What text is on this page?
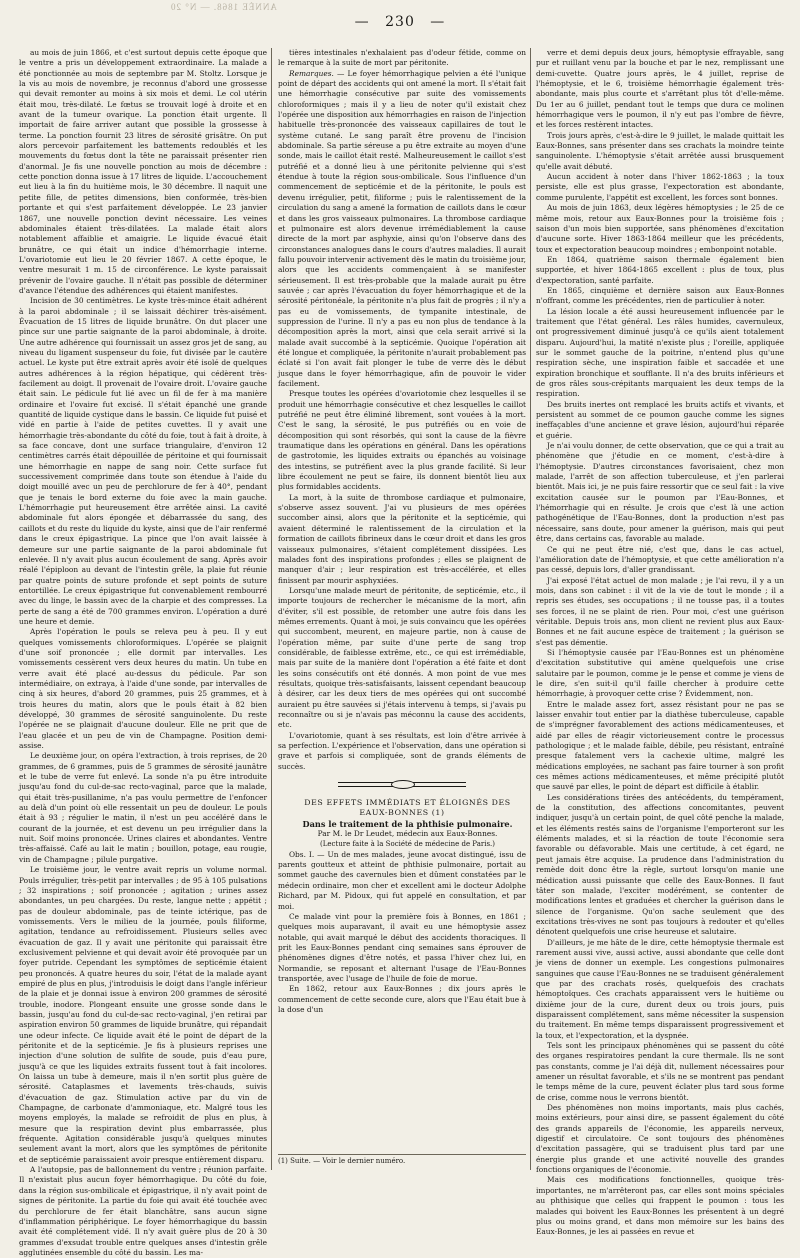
ANNÉE 1868. — N° 20
— 230 —

au mois de juin 1866, et c'est surtout depuis cette époque que le ventre a pris un développement extraordinaire. La malade a été ponctionnée au mois de septembre par M. Stoltz. Lorsque je la vis au mois de novembre, je reconnus d'abord une grossesse qui devait remonter au moins à six mois et demi. Le col utérin était mou, très-dilaté. Le fœtus se trouvait logé à droite et en avant de la tumeur ovarique. La ponction était urgente. Il importait de faire arriver autant que possible la grossesse à terme. La ponction fournit 23 litres de sérosité grisâtre. On put alors percevoir parfaitement les battements redoublés et les mouvements du fœtus dont la tête ne paraissait présenter rien d'anormal. Je fis une nouvelle ponction au mois de décembre : cette ponction donna issue à 17 litres de liquide. L'accouchement eut lieu à la fin du huitième mois, le 30 décembre. Il naquit une petite fille, de petites dimensions, bien conformée, très-bien portante et qui s'est parfaitement développée. Le 23 janvier 1867, une nouvelle ponction devint nécessaire. Les veines abdominales étaient très-dilatées. La malade était alors notablement affaiblie et amaigrie. Le liquide évacué était brunâtre, ce qui était un indice d'hémorrhagie interne. L'ovariotomie eut lieu le 20 février 1867. A cette époque, le ventre mesurait 1 m. 15 de circonférence. Le kyste paraissait prévenir de l'ovaire gauche. Il n'était pas possible de déterminer d'avance l'étendue des adhérences qui étaient manifestes.

Incision de 30 centimètres. Le kyste très-mince était adhérent à la paroi abdominale ; il se laissait déchirer très-aisément. Évacuation de 15 litres de liquide brunâtre. On dut placer une pince sur une partie saignante de la paroi abdominale, à droite. Une autre adhérence qui fournissait un assez gros jet de sang, au niveau du ligament suspenseur du foie, fut divisée par le cautère actuel. Le kyste put être extrait après avoir été isolé de quelques autres adhérences à la région hépatique, qui cédèrent très-facilement au doigt. Il provenait de l'ovaire droit. L'ovaire gauche était sain. Le pédicule fut lié avec un fil de fer à ma manière ordinaire et l'ovaire fut excisé. Il s'était épanché une grande quantité de liquide cystique dans le bassin. Ce liquide fut puisé et vidé en partie à l'aide de petites cuvettes. Il y avait une hémorrhagie très-abondante du côté du foie, tout à fait à droite, à sa face concave, dont une surface triangulaire, d'environ 12 centimètres carrés était dépouillée de péritoine et qui fournissait une hémorrhagie en nappe de sang noir. Cette surface fut successivement comprimée dans toute son étendue à l'aide du doigt mouillé avec un peu de perchlorure de fer à 40°, pendant que je tenais le bord externe du foie avec la main gauche. L'hémorrhagie put heureusement être arrêtée ainsi. La cavité abdominale fut alors épongée et débarrassée du sang, des caillots et du reste du liquide du kyste, ainsi que de l'air renfermé dans le creux épigastrique. La pince que l'on avait laissée à demeure sur une partie saignante de la paroi abdominale fut enlevée. Il n'y avait plus aucun écoulement de sang. Après avoir réalé l'épiploon au devant de l'intestin grêle, la plaie fut réunie par quatre points de suture profonde et sept points de suture entortillée. Le creux épigastrique fut convenablement rembourré avec du linge, le bassin avec de la charpie et des compresses. La perte de sang a été de 700 grammes environ. L'opération a duré une heure et demie.

Après l'opération le pouls se releva peu à peu. Il y eut quelques vomissements chloroformiques. L'opérée se plaignit d'une soif prononcée ; elle dormit par intervalles. Les vomissements cessèrent vers deux heures du matin. Un tube en verre avait été placé au-dessus du pédicule. Par son intermédiaire, on extraya, à l'aide d'une sonde, par intervalles de cinq à six heures, d'abord 20 grammes, puis 25 grammes, et à trois heures du matin, alors que le pouls était à 82 bien développé, 30 grammes de sérosité sanguinolente. Du reste l'opérée ne se plaignait d'aucune douleur. Elle ne prit que de l'eau glacée et un peu de vin de Champagne. Position demi-assise.

Le deuxième jour, on opéra l'extraction, à trois reprises, de 20 grammes, de 6 grammes, puis de 5 grammes de sérosité jaunâtre et le tube de verre fut enlevé. La sonde n'a pu être introduite jusqu'au fond du cul-de-sac recto-vaginal, parce que la malade, qui était très-pusillanime, n'a pas voulu permettre de l'enfoncer au delà d'un point où elle ressentait un peu de douleur. Le pouls était à 93 ; régulier le matin, il n'est un peu accéléré dans le courant de la journée, et est devenu un peu irrégulier dans la nuit. Soif moins prononcée. Urines claires et abondantes. Ventre très-affaissé. Café au lait le matin ; bouillon, potage, eau rougie, vin de Champagne ; pilule purgative.

Le troisième jour, le ventre avait repris un volume normal. Pouls irrégulier, très-petit par intervalles ; de 95 à 105 pulsations ; 32 inspirations ; soif prononcée ; agitation ; urines assez abondantes, un peu chargées. Du reste, langue nette ; appétit ; pas de douleur abdominale, pas de teinte ictérique, pas de vomissements. Vers le milieu de la journée, pouls filiforme, agitation, tendance au refroidissement. Plusieurs selles avec évacuation de gaz. Il y avait une péritonite qui paraissait être exclusivement pelvienne et qui devait avoir été provoquée par un foyer putride. Cependant les symptômes de septicémie étaient peu prononcés. A quatre heures du soir, l'état de la malade ayant empiré de plus en plus, j'introduisis le doigt dans l'angle inférieur de la plaie et je donnai issue à environ 200 grammes de sérosité trouble, inodore. Plongeant ensuite une grosse sonde dans le bassin, jusqu'au fond du cul-de-sac recto-vaginal, j'en retirai par aspiration environ 50 grammes de liquide brunâtre, qui répandait une odeur infecte. Ce liquide avait été le point de départ de la péritonite et de la septicémie. Je fis à plusieurs reprises une injection d'une solution de sulfite de soude, puis d'eau pure, jusqu'à ce que les liquides extraits fussent tout à fait incolores. On laissa un tube à demeure, mais il n'en sortit plus guère de sérosité. Cataplasmes et lavements très-chauds, suivis d'évacuation de gaz. Stimulation active par du vin de Champagne, de carbonate d'ammoniaque, etc. Malgré tous les moyens employés, la malade se refroidit de plus en plus, à mesure que la respiration devint plus embarrassée, plus fréquente. Agitation considérable jusqu'à quelques minutes seulement avant la mort, alors que les symptômes de péritonite et de septicémie paraissaient avoir presque entièrement disparu.

A l'autopsie, pas de ballonnement du ventre ; réunion parfaite. Il n'existait plus aucun foyer hémorrhagique. Du côté du foie, dans la région sus-ombilicale et épigastrique, il n'y avait point de signes de péritonite. La partie du foie qui avait été touchée avec du perchlorure de fer était blanchâtre, sans aucun signe d'inflammation périphérique. Le foyer hémorrhagique du bassin avait été complétement vidé. Il n'y avait guère plus de 20 à 30 grammes d'exsudat trouble entre quelques anses d'intestin grêle agglutinées ensemble du côté du bassin. Les ma-

tières intestinales n'exhalaient pas d'odeur fétide, comme on le remarque à la suite de mort par péritonite.

Remarques. — Le foyer hémorrhagique pelvien a été l'unique point de départ des accidents qui ont amené la mort. Il s'était fait une hémorrhagie consécutive par suite des vomissements chloroformiques ; mais il y a lieu de noter qu'il existait chez l'opérée une disposition aux hémorrhagies en raison de l'injection habituelle très-prononcée des vaisseaux capillaires de tout le système cutané. Le sang paraît être provenu de l'incision abdominale. Sa partie séreuse a pu être extraite au moyen d'une sonde, mais le caillot était resté. Malheureusement le caillot s'est putréfié et a donné lieu à une péritonite pelvienne qui s'est étendue à toute la région sous-ombilicale. Sous l'influence d'un commencement de septicémie et de la péritonite, le pouls est devenu irrégulier, petit, filiforme ; puis le ralentissement de la circulation du sang a amené la formation de caillots dans le cœur et dans les gros vaisseaux pulmonaires. La thrombose cardiaque et pulmonaire est alors devenue irrémédiablement la cause directe de la mort par asphyxie, ainsi qu'on l'observe dans des circonstances analogues dans le cours d'autres maladies. Il aurait fallu pouvoir intervenir activement dès le matin du troisième jour, alors que les accidents commençaient à se manifester sérieusement. Il est très-probable que la malade aurait pu être sauvée ; car après l'évacuation du foyer hémorrhagique et de la sérosité péritonéale, la péritonite n'a plus fait de progrès ; il n'y a pas eu de vomissements, de tympanite intestinale, de suppression de l'urine. Il n'y a pas eu non plus de tendance à la décomposition après la mort, ainsi que cela serait arrivé si la malade avait succombé à la septicémie. Quoique l'opération ait été longue et compliquée, la péritonite n'aurait probablement pas éclaté si l'on avait fait plonger le tube de verre dès le début jusque dans le foyer hémorrhagique, afin de pouvoir le vider facilement.

Presque toutes les opérées d'ovariotomie chez lesquelles il se produit une hémorrhagie consécutive et chez lesquelles le caillot putréfié ne peut être éliminé librement, sont vouées à la mort. C'est le sang, la sérosité, le pus putréfiés ou en voie de décomposition qui sont résorbés, qui sont la cause de la fièvre traumatique dans les opérations en général. Dans les opérations de gastrotomie, les liquides extraits ou épanchés au voisinage des intestins, se putréfient avec la plus grande facilité. Si leur libre écoulement ne peut se faire, ils donnent bientôt lieu aux plus formidables accidents.

La mort, à la suite de thrombose cardiaque et pulmonaire, s'observe assez souvent. J'ai vu plusieurs de mes opérées succomber ainsi, alors que la péritonite et la septicémie, qui avaient déterminé le ralentissement de la circulation et la formation de caillots fibrineux dans le cœur droit et dans les gros vaisseaux pulmonaires, s'étaient complétement dissipées. Les malades font des inspirations profondes ; elles se plaignent de manquer d'air ; leur respiration est très-accélérée, et elles finissent par mourir asphyxiées.

Lorsqu'une malade meurt de péritonite, de septicémie, etc., il importe toujours de rechercher le mécanisme de la mort, afin d'éviter, s'il est possible, de retomber une autre fois dans les mêmes errements. Quant à moi, je suis convaincu que les opérées qui succombent, meurent, en majeure partie, non à cause de l'opération même, par suite d'une perte de sang trop considérable, de faiblesse extrême, etc., ce qui est irrémédiable, mais par suite de la manière dont l'opération a été faite et dont les soins consécutifs ont été donnés. A mon point de vue mes résultats, quoique très-satisfaisants, laissent cependant beaucoup à désirer, car les deux tiers de mes opérées qui ont succombé auraient pu être sauvées si j'étais intervenu à temps, si j'avais pu reconnaître ou si je n'avais pas méconnu la cause des accidents, etc.

L'ovariotomie, quant à ses résultats, est loin d'être arrivée à sa perfection. L'expérience et l'observation, dans une opération si grave et parfois si compliquée, sont de grands éléments de succès.

DES EFFETS IMMÉDIATS ET ÉLOIGNÉS DES EAUX-BONNES (1)

Dans le traitement de la phthisie pulmonaire.

Par M. le Dr Leudet, médecin aux Eaux-Bonnes.

(Lecture faite à la Société de médecine de Paris.)

Obs. I. — Un de mes malades, jeune avocat distingué, issu de parents goutteux et atteint de phthisie pulmonaire, portait au sommet gauche des cavernules bien et dûment constatées par le médecin ordinaire, mon cher et excellent ami le docteur Adolphe Richard, par M. Pidoux, qui fut appelé en consultation, et par moi.

Ce malade vint pour la première fois à Bonnes, en 1861 ; quelques mois auparavant, il avait eu une hémoptysie assez notable, qui avait marqué le début des accidents thoraciques. Il prit les Eaux-Bonnes pendant cinq semaines sans éprouver de phénomènes dignes d'être notés, et passa l'hiver chez lui, en Normandie, se reposant et alternant l'usage de l'Eau-Bonnes transportée, avec l'usage de l'huile de foie de morue.

En 1862, retour aux Eaux-Bonnes ; dix jours après le commencement de cette seconde cure, alors que l'Eau était bue à la dose d'un

(1) Suite. — Voir le dernier numéro.

verre et demi depuis deux jours, hémoptysie effrayable, sang pur et ruillant venu par la bouche et par le nez, remplissant une demi-cuvette. Quatre jours après, le 4 juillet, reprise de l'hémoptysie, et le 6, troisième hémorrhagie également très-abondante, mais plus courte et s'arrêtant plus tôt d'elle-même. Du 1er au 6 juillet, pendant tout le temps que dura ce molinen hémorrhagique vers le poumon, il n'y eut pas l'ombre de fièvre, et les forces restèrent intactes.

Trois jours après, c'est-à-dire le 9 juillet, le malade quittait les Eaux-Bonnes, sans présenter dans ses crachats la moindre teinte sanguinolente. L'hémoptysie s'était arrêtée aussi brusquement qu'elle avait débuté.

Aucun accident à noter dans l'hiver 1862-1863 ; la toux persiste, elle est plus grasse, l'expectoration est abondante, comme purulente, l'appétit est excellent, les forces sont bonnes.

Au mois de juin 1863, deux légères hémoptysies ; le 25 de ce même mois, retour aux Eaux-Bonnes pour la troisième fois ; saison d'un mois bien supportée, sans phénomènes d'excitation d'aucune sorte. Hiver 1863-1864 meilleur que les précédents, toux et expectoration beaucoup moindres ; embonpoint notable.

En 1864, quatrième saison thermale également bien supportée, et hiver 1864-1865 excellent : plus de toux, plus d'expectoration, santé parfaite.

En 1865, cinquième et dernière saison aux Eaux-Bonnes n'offrant, comme les précédentes, rien de particulier à noter.

La lésion locale a été aussi heureusement influencée par le traitement que l'état général. Les râles humides, cavernuleux, ont progressivement diminué jusqu'à ce qu'ils aient totalement disparu. Aujourd'hui, la matité n'existe plus ; l'oreille, appliquée sur le sommet gauche de la poitrine, n'entend plus qu'une respiration sèche, une inspiration faible et saccadée et une expiration bronchique et soufflante. Il n'a des bruits inférieurs et de gros râles sous-crépitants marquaient les deux temps de la respiration.

Des bruits inertes ont remplacé les bruits actifs et vivants, et persistent au sommet de ce poumon gauche comme les signes ineffaçables d'une ancienne et grave lésion, aujourd'hui réparée et guérie.

Je n'ai voulu donner, de cette observation, que ce qui a trait au phénomène que j'étudie en ce moment, c'est-à-dire à l'hémoptysie. D'autres circonstances favorisaient, chez mon malade, l'arrêt de son affection tuberculeuse, et j'en parlerai bientôt. Mais ici, je ne puis faire ressortir que ce seul fait : la vive excitation causée sur le poumon par l'Eau-Bonnes, et l'hémorrhagie qui en résulte. Je crois que c'est là une action pathogénétique de l'Eau-Bonnes, dont la production n'est pas nécessaire, sans doute, pour amener la guérison, mais qui peut être, dans certains cas, favorable au malade.

Ce qui ne peut être nié, c'est que, dans le cas actuel, l'amélioration date de l'hémoptysie, et que cette amélioration n'a pas cessé, depuis lors, d'aller grandissant.

J'ai exposé l'état actuel de mon malade ; je l'ai revu, il y a un mois, dans son cabinet : il vit de la vie de tout le monde ; il a repris ses études, ses occupations ; il ne tousse pas, il a toutes ses forces, il ne se plaint de rien. Pour moi, c'est une guérison véritable. Depuis trois ans, mon client ne revient plus aux Eaux-Bonnes et ne fait aucune espèce de traitement ; la guérison se s'est pas démentie.

Si l'hémoptysie causée par l'Eau-Bonnes est un phénomène d'excitation substitutive qui amène quelquefois une crise salutaire par le poumon, comme je le pense et comme je viens de le dire, s'en suit-il qu'il faille chercher à produire cette hémorrhagie, à provoquer cette crise ? Évidemment, non.

Entre le malade assez fort, assez résistant pour ne pas se laisser envahir tout entier par la diathèse tuberculeuse, capable de s'imprégner favorablement des actions médicamenteuses, et aidé par elles de réagir victorieusement contre le processus pathologique ; et le malade faible, débile, peu résistant, entraîné presque fatalement vers la cachexie ultime, malgré les médications employées, ne sachant pas faire tourner à son profit ces mêmes actions médicamenteuses, et même précipité plutôt que sauvé par elles, le point de départ est difficile à établir.

Les considérations tirées des antécédents, du tempérament, de la constitution, des affections concomitantes, peuvent indiquer, jusqu'à un certain point, de quel côté penche la malade, et les éléments restés sains de l'organisme l'emporteront sur les éléments malades, et si la réaction de toute l'économie sera favorable ou défavorable. Mais une certitude, à cet égard, ne peut jamais être acquise. La prudence dans l'administration du remède doit donc être la règle, surtout lorsqu'on manie une médication aussi puissante que celle des Eaux-Bonnes. Il faut tâter son malade, l'exciter modérément, se contenter de modifications lentes et graduées et chercher la guérison dans le silence de l'organisme. Qu'on sache seulement que des excitations très-vives ne sont pas toujours à redouter et qu'elles dénotent quelquefois une crise heureuse et salutaire.

D'ailleurs, je me hâte de le dire, cette hémoptysie thermale est rarement aussi vive, aussi active, aussi abondante que celle dont je viens de donner un exemple. Les congestions pulmonaires sanguines que cause l'Eau-Bonnes ne se traduisent généralement que par des crachats rosés, quelquefois des crachats hémoptoïques. Ces crachats apparaissent vers le huitième ou dixième jour de la cure, durent deux ou trois jours, puis disparaissent complétement, sans même nécessiter la suspension du traitement. En même temps disparaissent progressivement et la toux, et l'expectoration, et la dyspnée.

Tels sont les principaux phénomènes qui se passent du côté des organes respiratoires pendant la cure thermale. Ils ne sont pas constants, comme je l'ai déjà dit, nullement nécessaires pour amener un résultat favorable, et s'ils ne se montrent pas pendant le temps même de la cure, peuvent éclater plus tard sous forme de crise, comme nous le verrons bientôt.

Des phénomènes non moins importants, mais plus cachés, moins extérieurs, pour ainsi dire, se passent également du côté des grands appareils de l'économie, les appareils nerveux, digestif et circulatoire. Ce sont toujours des phénomènes d'excitation passagère, qui se traduisent plus tard par une énergie plus grande et une activité nouvelle des grandes fonctions organiques de l'économie.

Mais ces modifications fonctionnelles, quoique très-importantes, ne m'arrêteront pas, car elles sont moins spéciales au phthisique que celles qui frappent le poumon : tous les malades qui boivent les Eaux-Bonnes les présentent à un degré plus ou moins grand, et dans mon mémoire sur les bains des Eaux-Bonnes, je les ai passées en revue et
